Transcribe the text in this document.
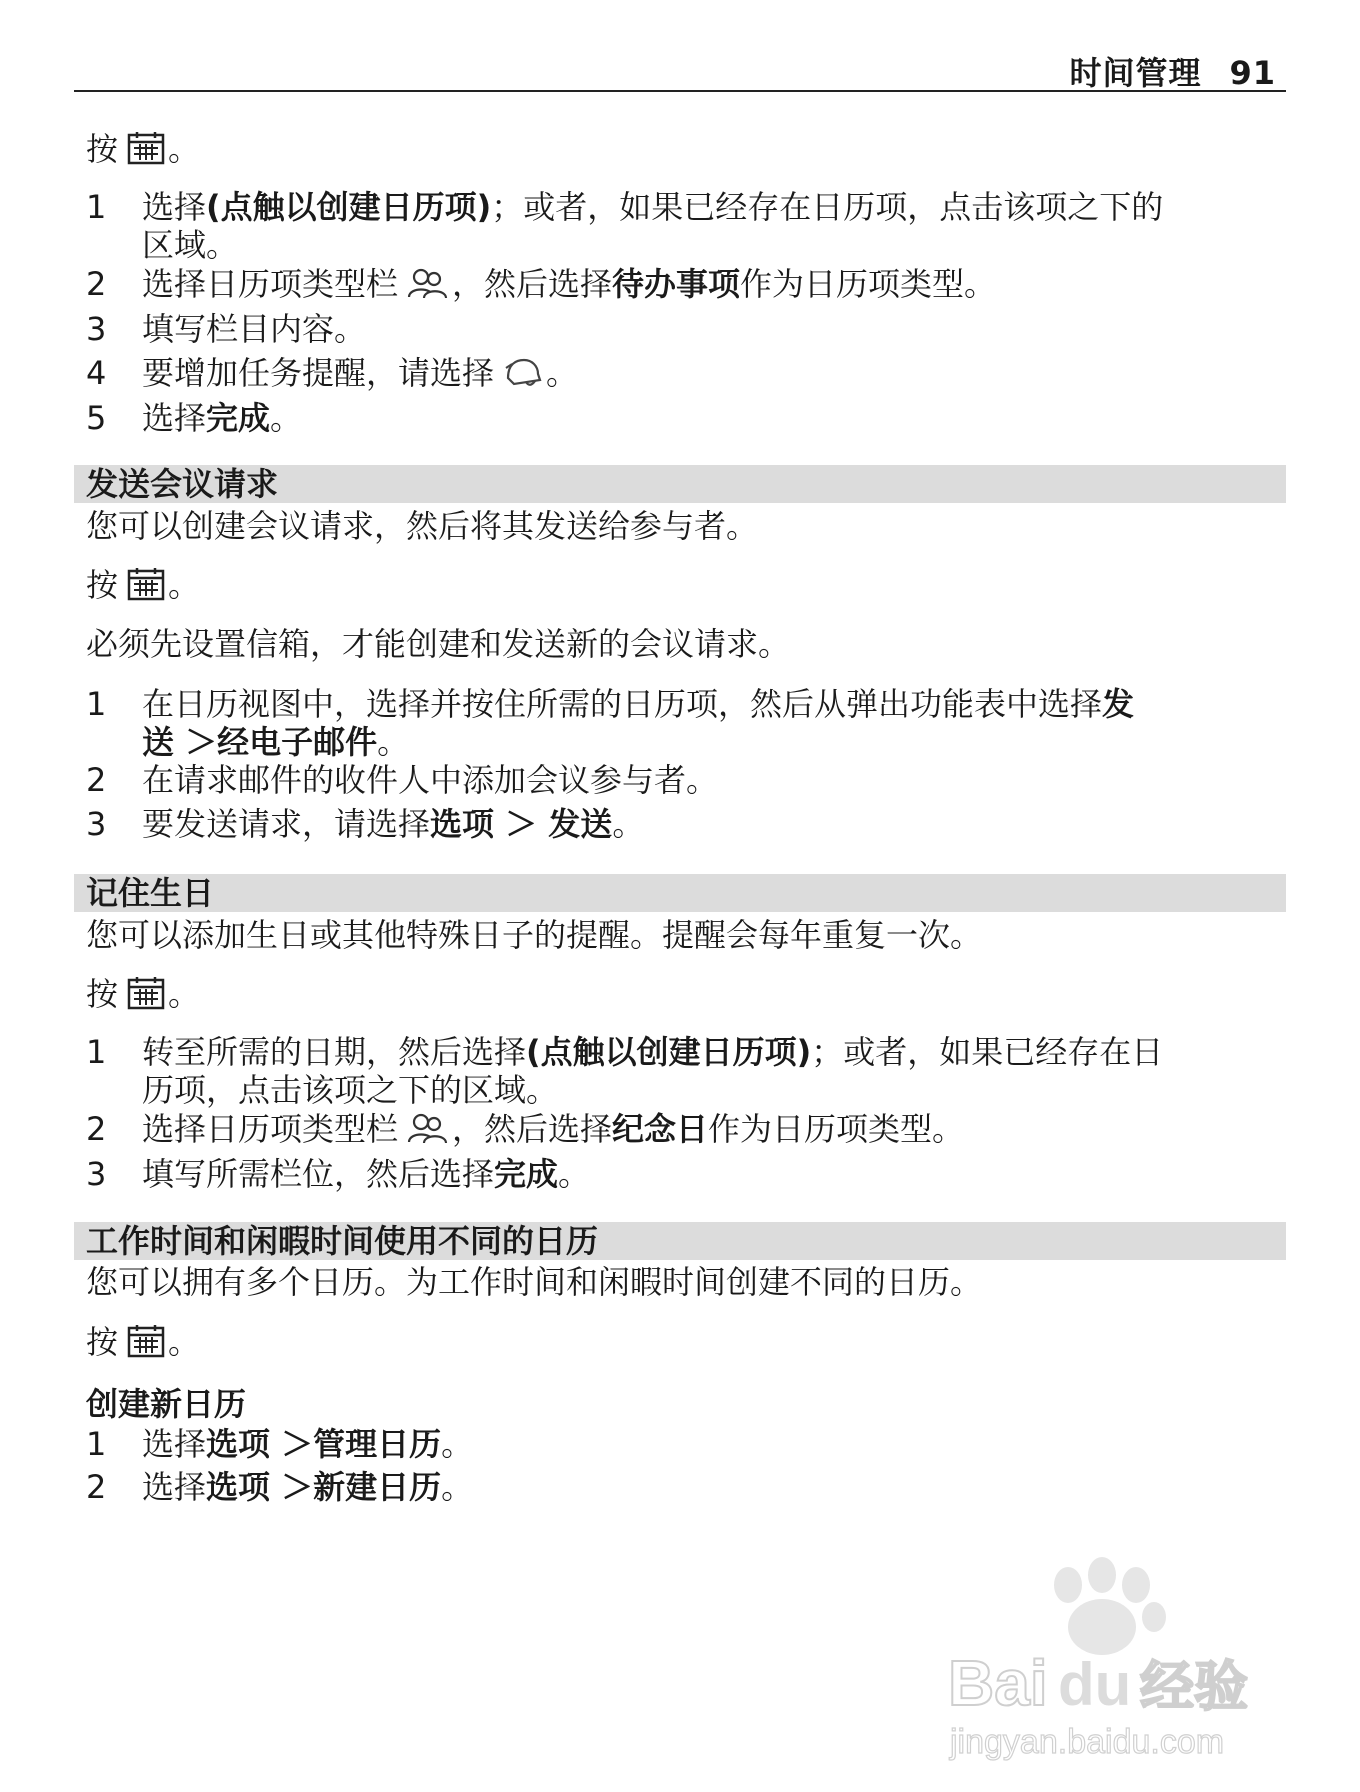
时间管理 91
按 。
1	选择(点触以创建日历项)；或者，如果已经存在日历项，点击该项之下的
区域。
2	选择日历项类型栏 ，然后选择待办事项作为日历项类型。
3	填写栏目内容。
4	要增加任务提醒，请选择 。
5	选择完成。
发送会议请求
您可以创建会议请求，然后将其发送给参与者。
按 。
必须先设置信箱，才能创建和发送新的会议请求。
1	在日历视图中，选择并按住所需的日历项，然后从弹出功能表中选择发
送 ＞经电子邮件。
2	在请求邮件的收件人中添加会议参与者。
3	要发送请求，请选择选项 ＞ 发送。
记住生日
您可以添加生日或其他特殊日子的提醒。提醒会每年重复一次。
按 。
1	转至所需的日期，然后选择(点触以创建日历项)；或者，如果已经存在日
历项，点击该项之下的区域。
2	选择日历项类型栏 ，然后选择纪念日作为日历项类型。
3	填写所需栏位，然后选择完成。
工作时间和闲暇时间使用不同的日历
您可以拥有多个日历。为工作时间和闲暇时间创建不同的日历。
按 。
创建新日历
1	选择选项 ＞管理日历。
2	选择选项 ＞新建日历。
Bai du 经验
jingyan.baidu.com
